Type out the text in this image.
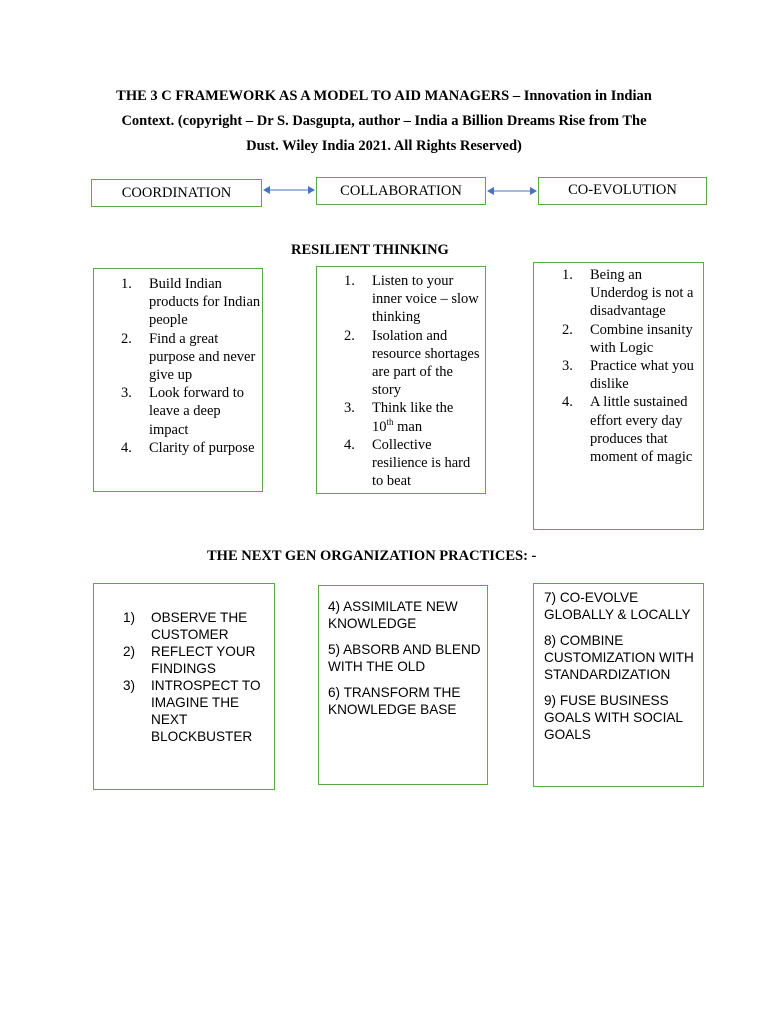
THE 3 C FRAMEWORK AS A MODEL TO AID MANAGERS – Innovation in Indian
Context. (copyright – Dr S. Dasgupta, author – India a Billion Dreams Rise from The
Dust. Wiley India 2021. All Rights Reserved)
COORDINATION	COLLABORATION	CO-EVOLUTION
RESILIENT THINKING
1. Build Indian products for Indian people
2. Find a great purpose and never give up
3. Look forward to leave a deep impact
4. Clarity of purpose
1. Listen to your inner voice – slow thinking
2. Isolation and resource shortages are part of the story
3. Think like the
10th man
4. Collective resilience is hard to beat
1. Being an Underdog is not a disadvantage
2. Combine insanity with Logic
3. Practice what you dislike
4. A little sustained effort every day produces that moment of magic
THE NEXT GEN ORGANIZATION PRACTICES: -
1) OBSERVE THE CUSTOMER
2) REFLECT YOUR FINDINGS
3) INTROSPECT TO IMAGINE THE NEXT BLOCKBUSTER

4) ASSIMILATE NEW KNOWLEDGE

5) ABSORB AND BLEND WITH THE OLD

6) TRANSFORM THE KNOWLEDGE BASE

7) CO-EVOLVE GLOBALLY & LOCALLY

8) COMBINE CUSTOMIZATION WITH STANDARDIZATION

9) FUSE BUSINESS GOALS WITH SOCIAL GOALS
